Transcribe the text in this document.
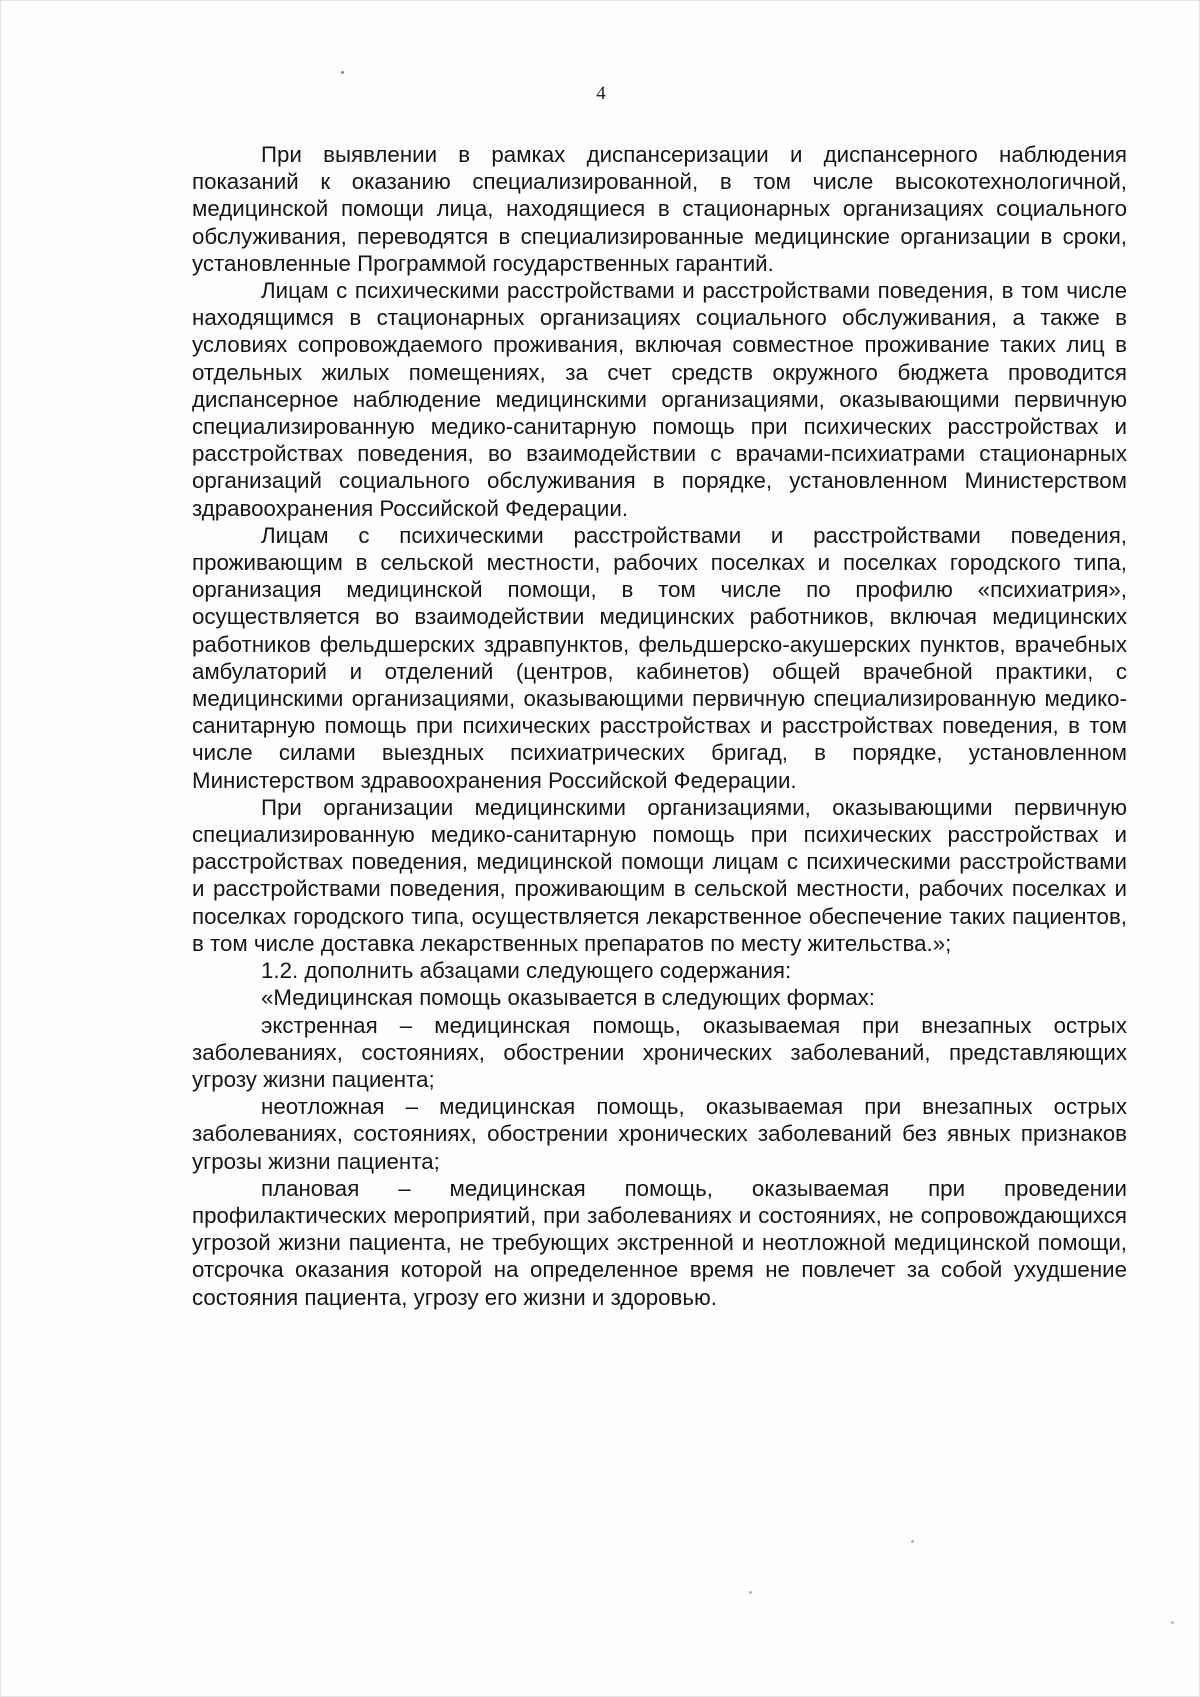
4

При выявлении в рамках диспансеризации и диспансерного наблюдения показаний к оказанию специализированной, в том числе высокотехнологичной, медицинской помощи лица, находящиеся в стационарных организациях социального обслуживания, переводятся в специализированные медицинские организации в сроки, установленные Программой государственных гарантий.

Лицам с психическими расстройствами и расстройствами поведения, в том числе находящимся в стационарных организациях социального обслуживания, а также в условиях сопровождаемого проживания, включая совместное проживание таких лиц в отдельных жилых помещениях, за счет средств окружного бюджета проводится диспансерное наблюдение медицинскими организациями, оказывающими первичную специализированную медико-санитарную помощь при психических расстройствах и расстройствах поведения, во взаимодействии с врачами-психиатрами стационарных организаций социального обслуживания в порядке, установленном Министерством здравоохранения Российской Федерации.

Лицам с психическими расстройствами и расстройствами поведения, проживающим в сельской местности, рабочих поселках и поселках городского типа, организация медицинской помощи, в том числе по профилю «психиатрия», осуществляется во взаимодействии медицинских работников, включая медицинских работников фельдшерских здравпунктов, фельдшерско-акушерских пунктов, врачебных амбулаторий и отделений (центров, кабинетов) общей врачебной практики, с медицинскими организациями, оказывающими первичную специализированную медико-санитарную помощь при психических расстройствах и расстройствах поведения, в том числе силами выездных психиатрических бригад, в порядке, установленном Министерством здравоохранения Российской Федерации.

При организации медицинскими организациями, оказывающими первичную специализированную медико-санитарную помощь при психических расстройствах и расстройствах поведения, медицинской помощи лицам с психическими расстройствами и расстройствами поведения, проживающим в сельской местности, рабочих поселках и поселках городского типа, осуществляется лекарственное обеспечение таких пациентов, в том числе доставка лекарственных препаратов по месту жительства.»;

1.2. дополнить абзацами следующего содержания:

«Медицинская помощь оказывается в следующих формах:

экстренная – медицинская помощь, оказываемая при внезапных острых заболеваниях, состояниях, обострении хронических заболеваний, представляющих угрозу жизни пациента;

неотложная – медицинская помощь, оказываемая при внезапных острых заболеваниях, состояниях, обострении хронических заболеваний без явных признаков угрозы жизни пациента;

плановая – медицинская помощь, оказываемая при проведении профилактических мероприятий, при заболеваниях и состояниях, не сопровождающихся угрозой жизни пациента, не требующих экстренной и неотложной медицинской помощи, отсрочка оказания которой на определенное время не повлечет за собой ухудшение состояния пациента, угрозу его жизни и здоровью.
